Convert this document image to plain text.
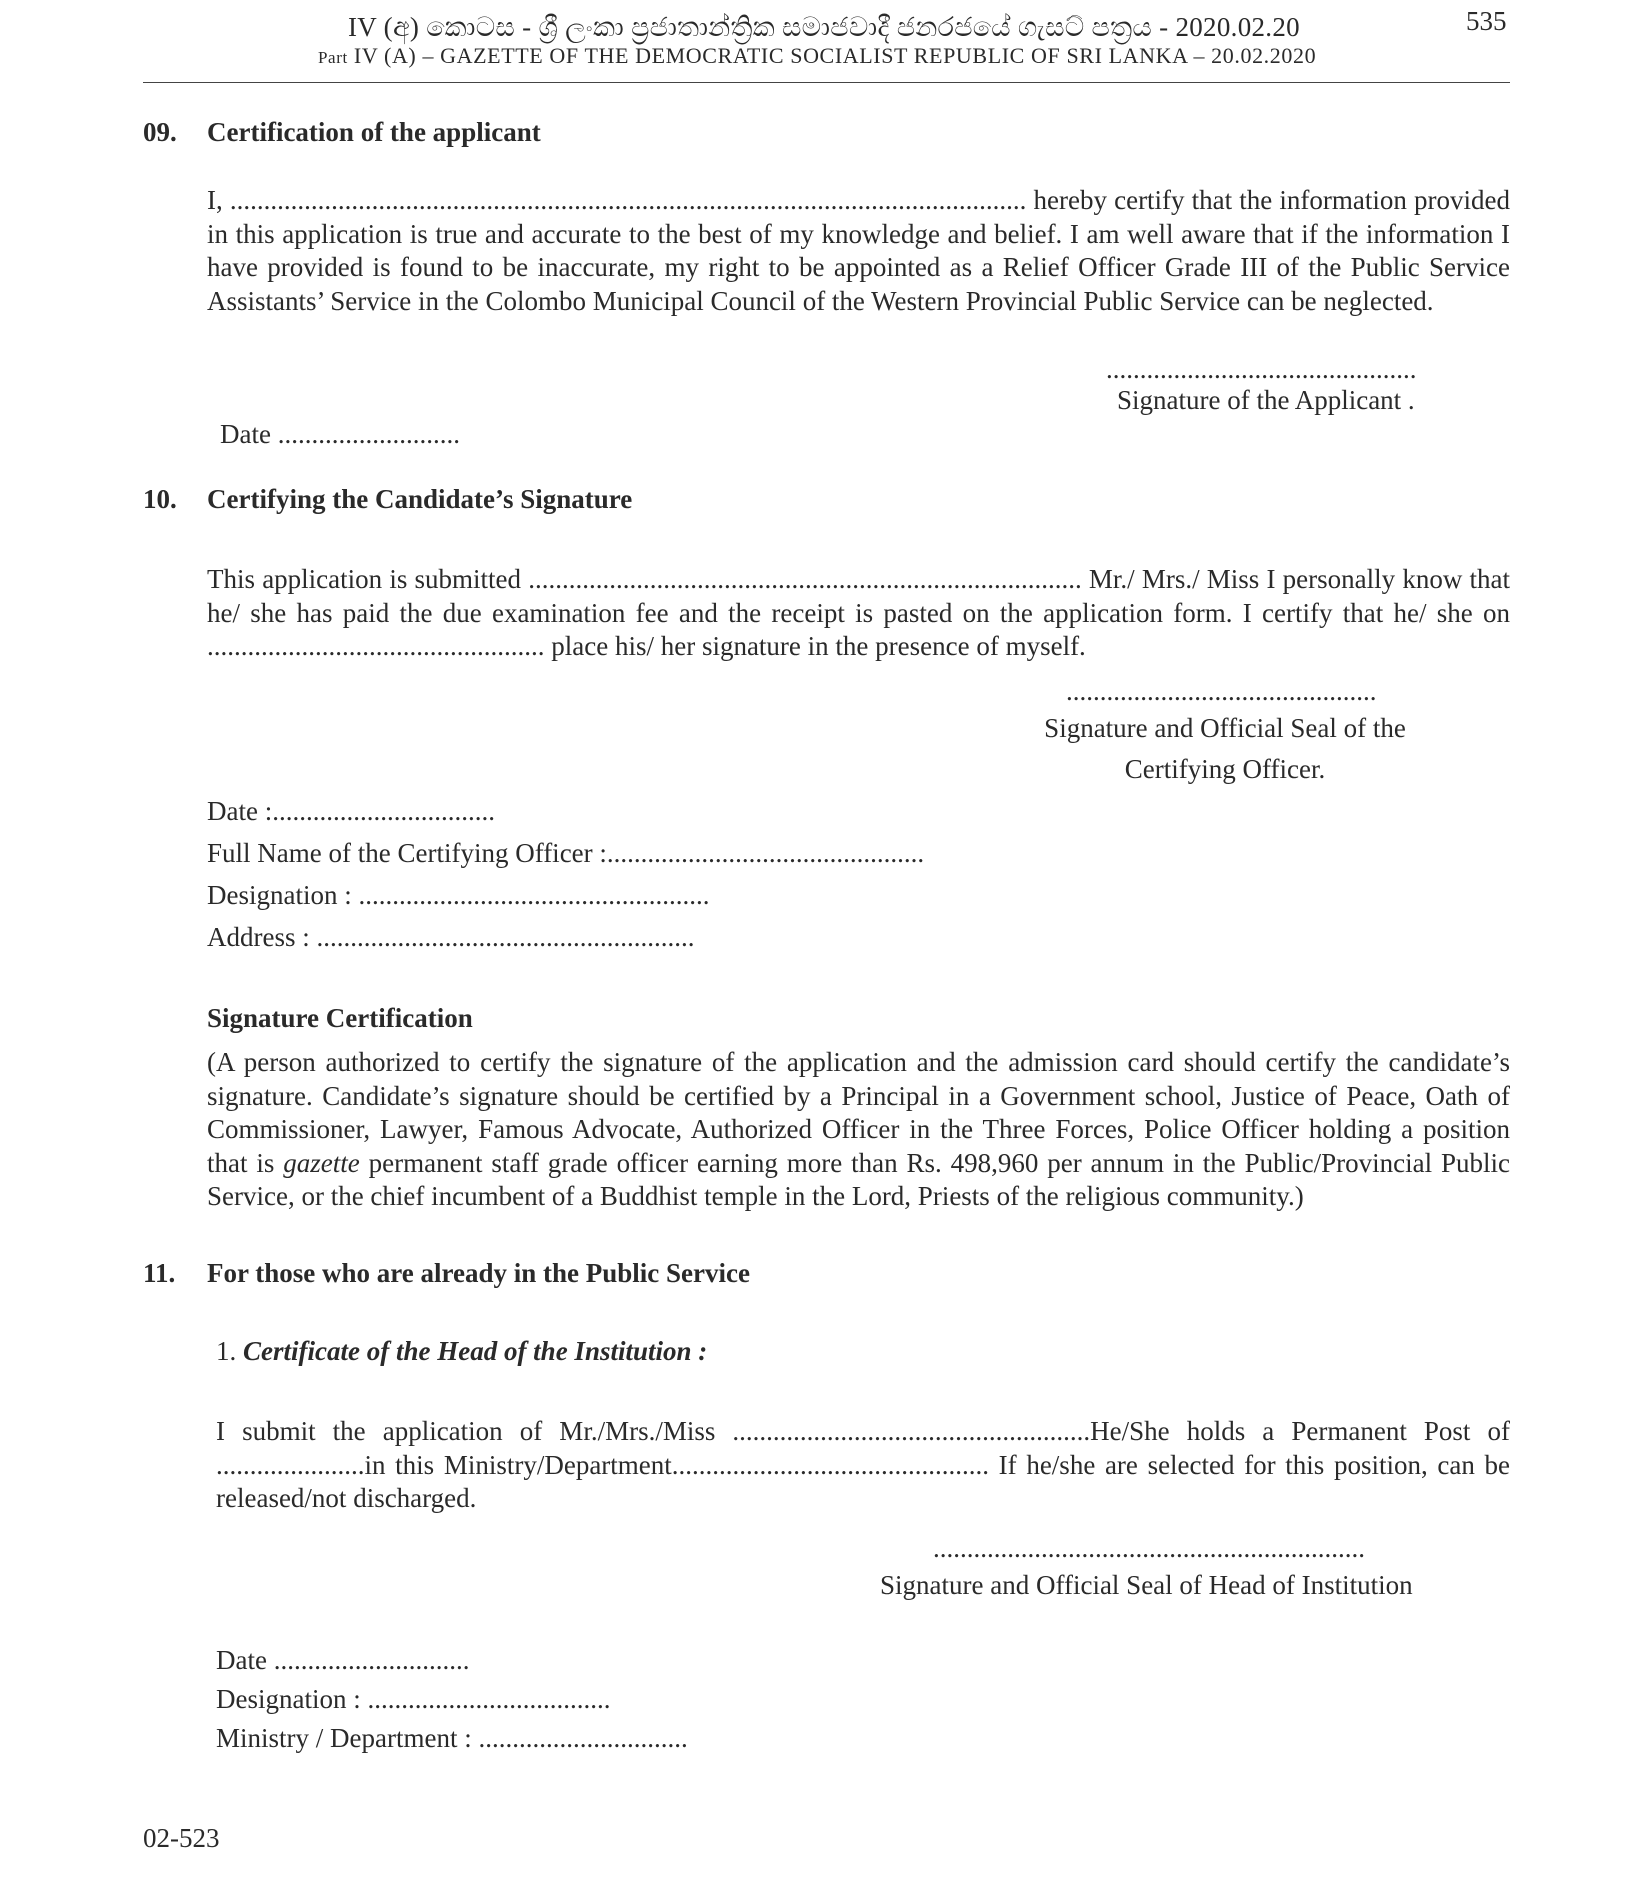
IV (අ) කොටස - ශ්‍රී ලංකා ප්‍රජාතාන්ත්‍රික සමාජවාදී ජනරජයේ ගැසට් පත්‍රය - 2020.02.20
Part IV (A) – GAZETTE OF THE DEMOCRATIC SOCIALIST REPUBLIC OF SRI LANKA – 20.02.2020
535
09. Certification of the applicant
I, ...................................................................................................................... hereby certify that the information provided in this application is true and accurate to the best of my knowledge and belief. I am well aware that if the information I have provided is found to be inaccurate, my right to be appointed as a Relief Officer Grade III of the Public Service Assistants’ Service in the Colombo Municipal Council of the Western Provincial Public Service can be neglected.
..............................................
Signature of the Applicant .
Date ...........................
10. Certifying the Candidate’s Signature
This application is submitted .................................................................................. Mr./ Mrs./ Miss I personally know that he/ she has paid the due examination fee and the receipt is pasted on the application form. I certify that he/ she on .................................................. place his/ her signature in the presence of myself.
..............................................
Signature and Official Seal of the
Certifying Officer.
Date :.................................
Full Name of the Certifying Officer :...............................................
Designation : ....................................................
Address : ........................................................
Signature Certification
(A person authorized to certify the signature of the application and the admission card should certify the candidate’s signature. Candidate’s signature should be certified by a Principal in a Government school, Justice of Peace, Oath of Commissioner, Lawyer, Famous Advocate, Authorized Officer in the Three Forces, Police Officer holding a position that is gazette permanent staff grade officer earning more than Rs. 498,960 per annum in the Public/Provincial Public Service, or the chief incumbent of a Buddhist temple in the Lord, Priests of the religious community.)
11. For those who are already in the Public Service
1. Certificate of the Head of the Institution :
I submit the application of Mr./Mrs./Miss .....................................................He/She holds a Permanent Post of ......................in this Ministry/Department............................................... If he/she are selected for this position, can be released/not discharged.
................................................................
Signature and Official Seal of Head of Institution
Date .............................
Designation : ....................................
Ministry / Department : ...............................
02-523
